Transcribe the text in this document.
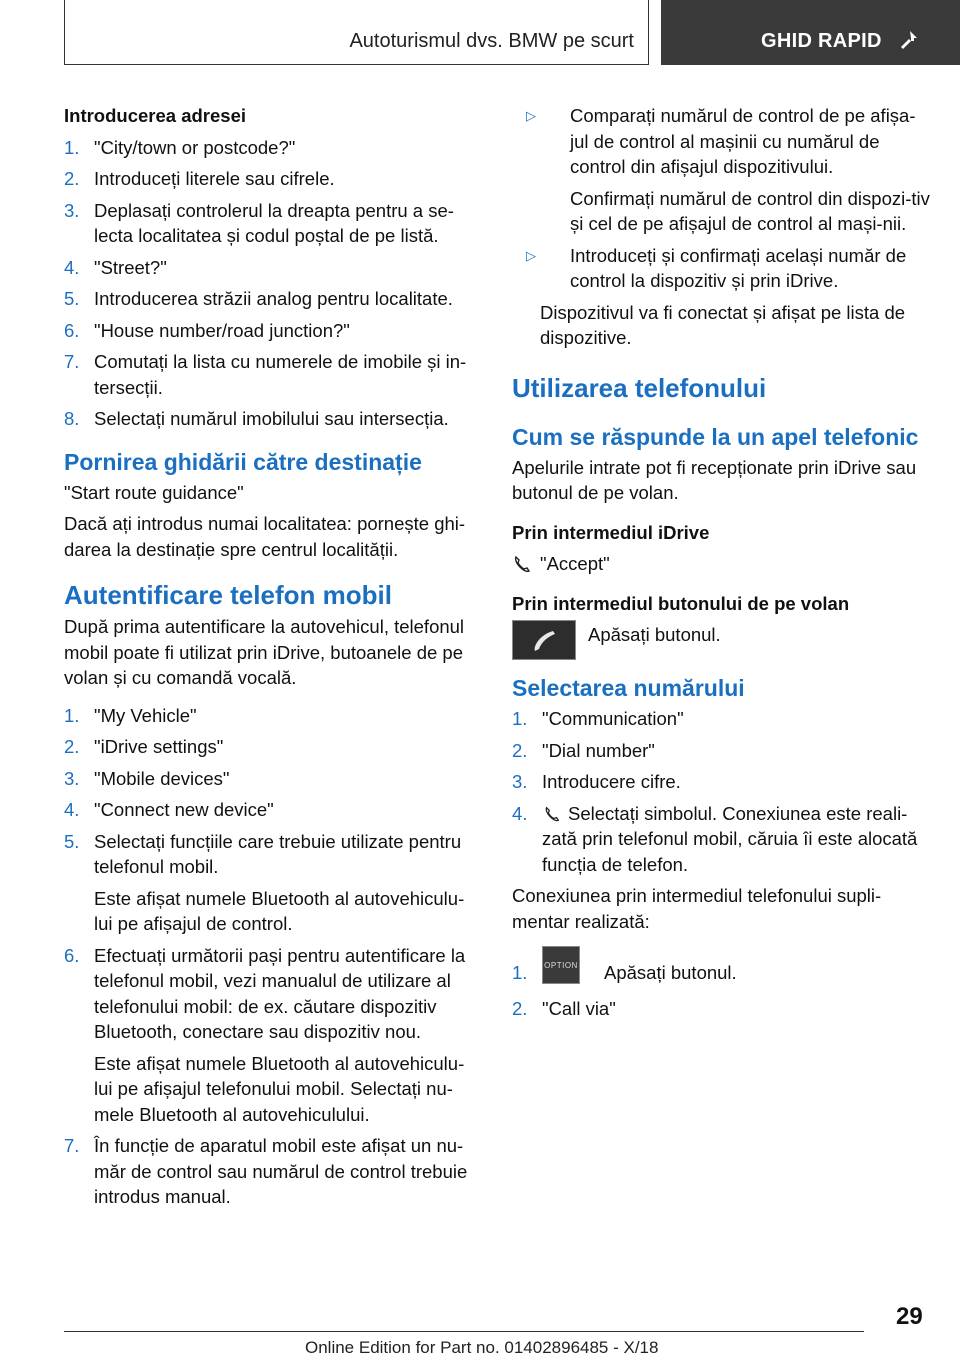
Autoturismul dvs. BMW pe scurt	GHID RAPID
Introducerea adresei
1. "City/town or postcode?"
2. Introduceți literele sau cifrele.
3. Deplasați controlerul la dreapta pentru a se-lecta localitatea și codul poștal de pe listă.
4. "Street?"
5. Introducerea străzii analog pentru localitate.
6. "House number/road junction?"
7. Comutați la lista cu numerele de imobile și in-tersecții.
8. Selectați numărul imobilului sau intersecția.
Pornirea ghidării către destinație
"Start route guidance"
Dacă ați introdus numai localitatea: pornește ghi-darea la destinație spre centrul localității.
Autentificare telefon mobil
După prima autentificare la autovehicul, telefonul mobil poate fi utilizat prin iDrive, butoanele de pe volan și cu comandă vocală.
1. "My Vehicle"
2. "iDrive settings"
3. "Mobile devices"
4. "Connect new device"
5. Selectați funcțiile care trebuie utilizate pentru telefonul mobil.
Este afișat numele Bluetooth al autovehiculu-lui pe afișajul de control.
6. Efectuați următorii pași pentru autentificare la telefonul mobil, vezi manualul de utilizare al telefonului mobil: de ex. căutare dispozitiv Bluetooth, conectare sau dispozitiv nou.
Este afișat numele Bluetooth al autovehiculu-lui pe afișajul telefonului mobil. Selectați nu-mele Bluetooth al autovehiculului.
7. În funcție de aparatul mobil este afișat un nu-măr de control sau numărul de control trebuie introdus manual.
▷	Comparați numărul de control de pe afișa-jul de control al mașinii cu numărul de control din afișajul dispozitivului.
Confirmați numărul de control din dispozi-tiv și cel de pe afișajul de control al mași-nii.
▷	Introduceți și confirmați același număr de control la dispozitiv și prin iDrive.
Dispozitivul va fi conectat și afișat pe lista de dispozitive.
Utilizarea telefonului
Cum se răspunde la un apel telefonic
Apelurile intrate pot fi recepționate prin iDrive sau butonul de pe volan.
Prin intermediul iDrive
"Accept"
Prin intermediul butonului de pe volan
Apăsați butonul.
Selectarea numărului
1. "Communication"
2. "Dial number"
3. Introducere cifre.
4. Selectați simbolul. Conexiunea este reali-zată prin telefonul mobil, căruia îi este alocată funcția de telefon.
Conexiunea prin intermediul telefonului supli-mentar realizată:
1. OPTION Apăsați butonul.
2. "Call via"
29
Online Edition for Part no. 01402896485 - X/18
